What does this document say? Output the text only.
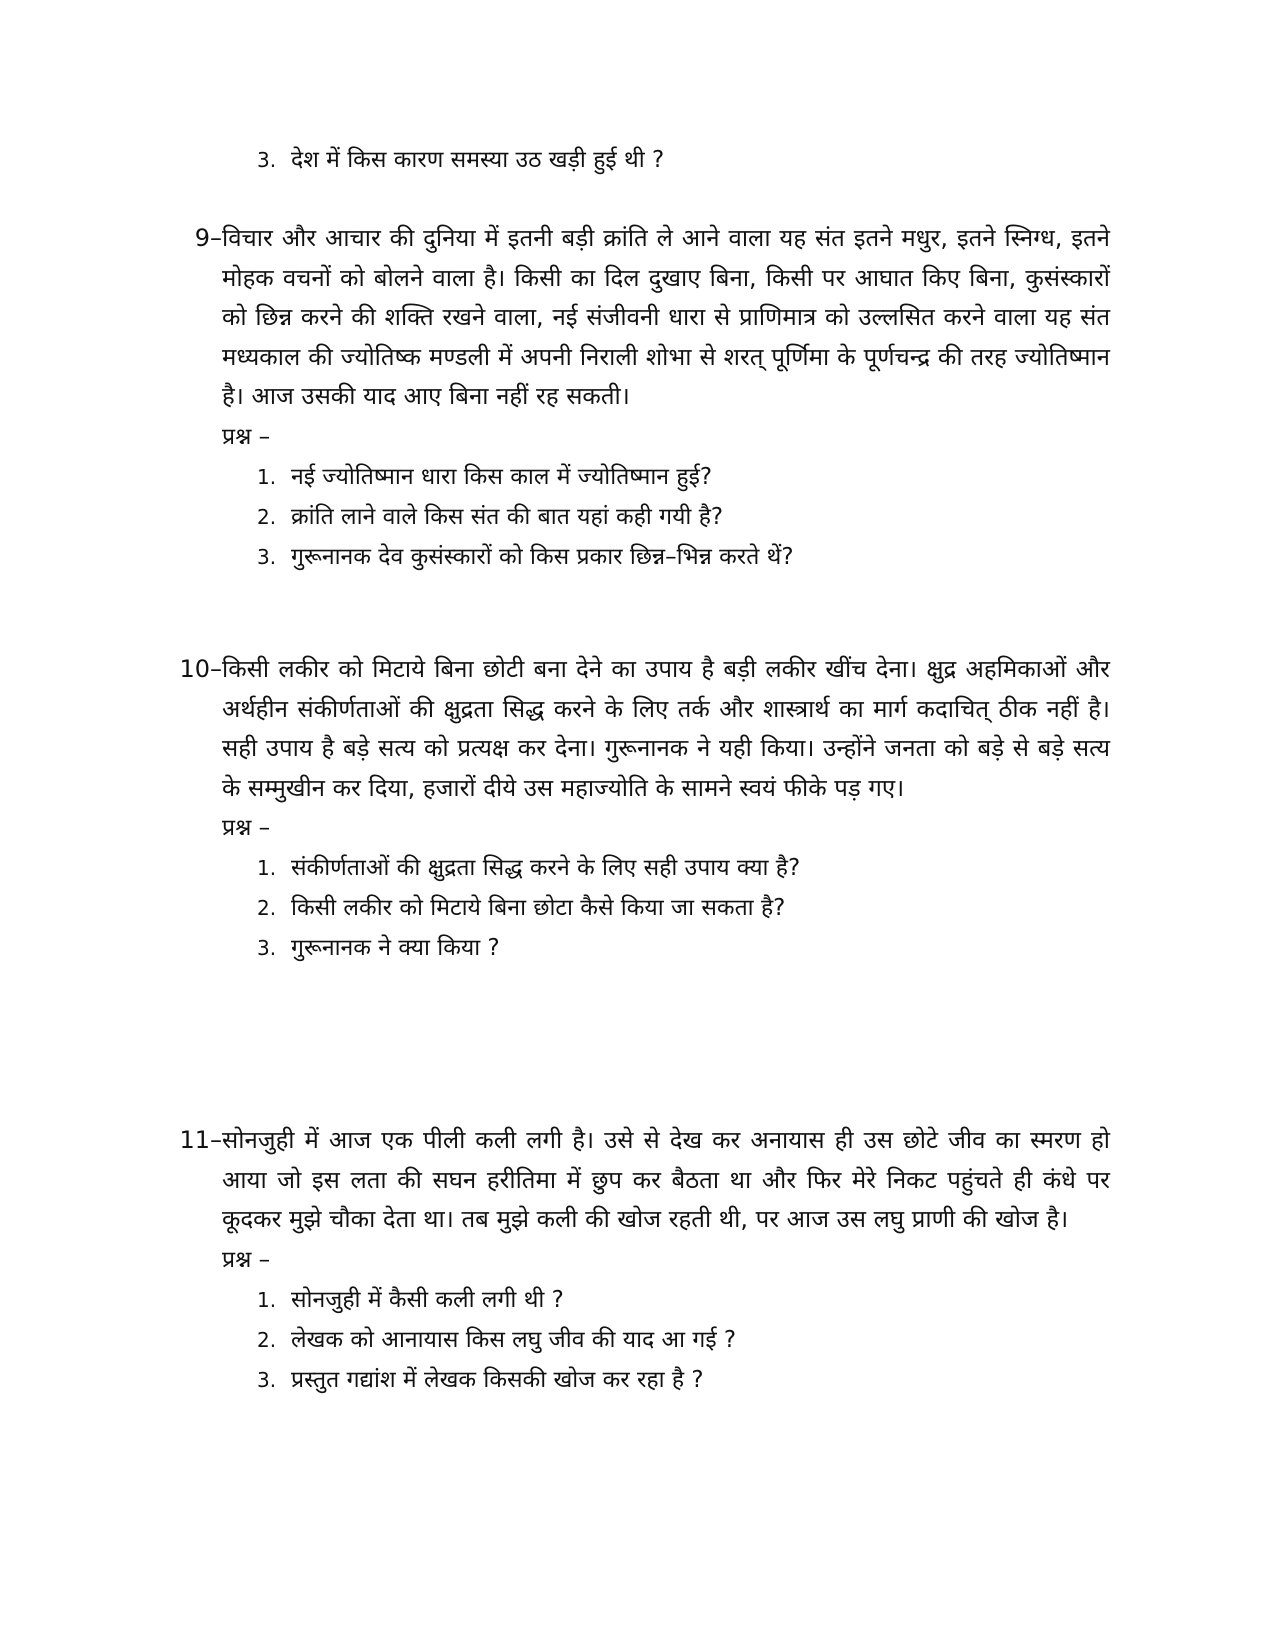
3. देश में किस कारण समस्या उठ खड़ी हुई थी ?
9– विचार और आचार की दुनिया में इतनी बड़ी क्रांति ले आने वाला यह संत इतने मधुर, इतने स्निग्ध, इतने मोहक वचनों को बोलने वाला है। किसी का दिल दुखाए बिना, किसी पर आघात किए बिना, कुसंस्कारों को छिन्न करने की शक्ति रखने वाला, नई संजीवनी धारा से प्राणिमात्र को उल्लसित करने वाला यह संत मध्यकाल की ज्योतिष्क मण्डली में अपनी निराली शोभा से शरत् पूर्णिमा के पूर्णचन्द्र की तरह ज्योतिष्मान है। आज उसकी याद आए बिना नहीं रह सकती।
प्रश्न –
1. नई ज्योतिष्मान धारा किस काल में ज्योतिष्मान हुई?
2. क्रांति लाने वाले किस संत की बात यहां कही गयी है?
3. गुरूनानक देव कुसंस्कारों को किस प्रकार छिन्न–भिन्न करते थें?
10– किसी लकीर को मिटाये बिना छोटी बना देने का उपाय है बड़ी लकीर खींच देना। क्षुद्र अहमिकाओं और अर्थहीन संकीर्णताओं की क्षुद्रता सिद्ध करने के लिए तर्क और शास्त्रार्थ का मार्ग कदाचित् ठीक नहीं है। सही उपाय है बड़े सत्य को प्रत्यक्ष कर देना। गुरूनानक ने यही किया। उन्होंने जनता को बड़े से बड़े सत्य के सम्मुखीन कर दिया, हजारों दीये उस महाज्योति के सामने स्वयं फीके पड़ गए।
प्रश्न –
1. संकीर्णताओं की क्षुद्रता सिद्ध करने के लिए सही उपाय क्या है?
2. किसी लकीर को मिटाये बिना छोटा कैसे किया जा सकता है?
3. गुरूनानक ने क्या किया ?
11– सोनजुही में आज एक पीली कली लगी है। उसे से देख कर अनायास ही उस छोटे जीव का स्मरण हो आया जो इस लता की सघन हरीतिमा में छुप कर बैठता था और फिर मेरे निकट पहुंचते ही कंधे पर कूदकर मुझे चौका देता था। तब मुझे कली की खोज रहती थी, पर आज उस लघु प्राणी की खोज है।
प्रश्न –
1. सोनजुही में कैसी कली लगी थी ?
2. लेखक को आनायास किस लघु जीव की याद आ गई ?
3. प्रस्तुत गद्यांश में लेखक किसकी खोज कर रहा है ?
